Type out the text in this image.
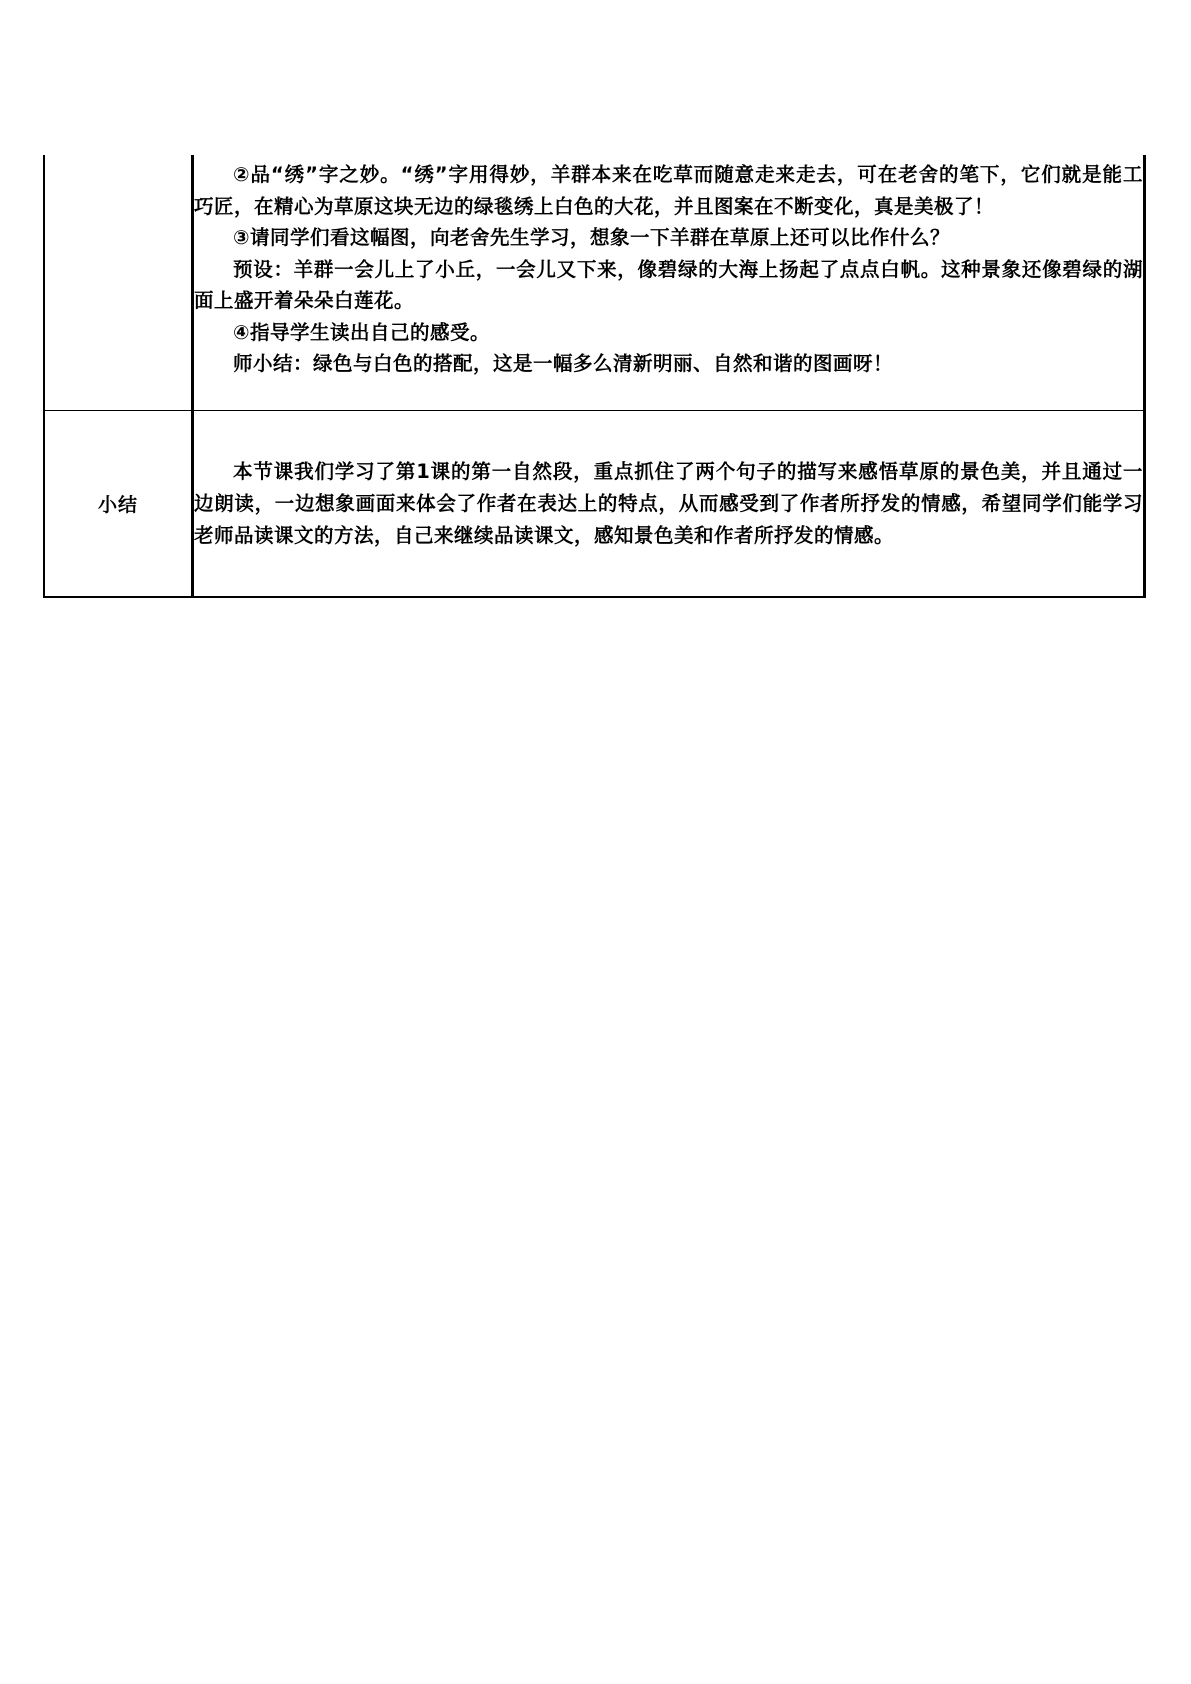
	②品“绣”字之妙。“绣”字用得妙，羊群本来在吃草而随意走来走去，可在老舍的笔下，它们就是能工巧匠，在精心为草原这块无边的绿毯绣上白色的大花，并且图案在不断变化，真是美极了！

③请同学们看这幅图，向老舍先生学习，想象一下羊群在草原上还可以比作什么？

预设：羊群一会儿上了小丘，一会儿又下来，像碧绿的大海上扬起了点点白帆。这种景象还像碧绿的湖面上盛开着朵朵白莲花。

④指导学生读出自己的感受。

师小结：绿色与白色的搭配，这是一幅多么清新明丽、自然和谐的图画呀！

小结	本节课我们学习了第1课的第一自然段，重点抓住了两个句子的描写来感悟草原的景色美，并且通过一边朗读，一边想象画面来体会了作者在表达上的特点，从而感受到了作者所抒发的情感，希望同学们能学习老师品读课文的方法，自己来继续品读课文，感知景色美和作者所抒发的情感。
